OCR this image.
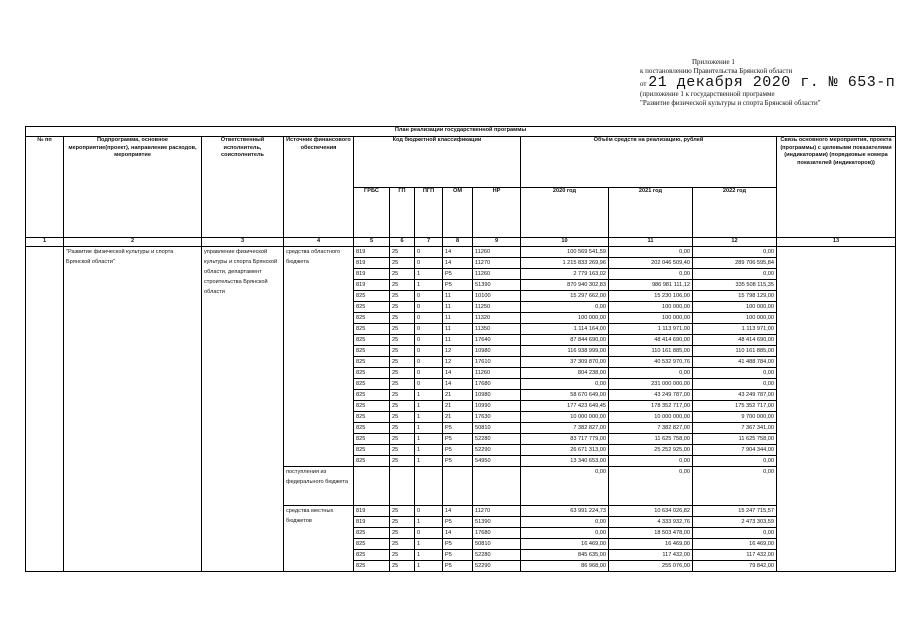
Приложение 1
к постановлению Правительства Брянской области
от 21 декабря 2020 г. № 653-п
(приложение 1 к государственной программе
"Развитие физической культуры и спорта Брянской области"
План реализации государственной программы												
№ пп	Подпрограмма, основное мероприятие(проект), направление расходов, мероприятие	Ответственный исполнитель, соисполнитель	Источник финансового обеспечения	Код бюджетной классификации					Объём средств на реализацию, рублей			Связь основного мероприятия, проекта (программы) с целевыми показателями (индикаторами) (порядковые номера показателей (индикаторов))
				ГРБС	ГП	ПГП	ОМ	НР	2020 год	2021 год	2022 год	
1	2	3	4	5	6	7	8	9	10	11	12	13
	"Развитие физической культуры и спорта Брянской области"	управление физической культуры и спорта Брянской области, департамент строительства Брянской области	средства областного бюджета	819	25	0	14	11260	100 569 541,59	0,00	0,00	
				819	25	0	14	11270	1 215 833 269,96	202 046 509,40	289 706 595,84	
				819	25	1	P5	11260	2 779 163,02	0,00	0,00	
				819	25	1	P5	51390	870 940 302,83	986 981 111,12	335 508 115,35	
				825	25	0	11	10100	15 297 662,00	15 230 106,00	15 798 129,00	
				825	25	0	11	11250	0,00	100 000,00	100 000,00	
				825	25	0	11	11320	100 000,00	100 000,00	100 000,00	
				825	25	0	11	11350	1 114 164,00	1 113 971,00	1 113 971,00	
				825	25	0	11	17640	87 844 690,00	48 414 690,00	48 414 690,00	
				825	25	0	12	10980	116 938 999,00	110 161 885,00	110 161 885,00	
				825	25	0	12	17610	37 309 870,00	40 532 970,76	41 488 784,00	
				825	25	0	14	11260	804 238,00	0,00	0,00	
				825	25	0	14	17680	0,00	231 000 000,00	0,00	
				825	25	1	21	10980	58 670 649,00	43 249 787,00	43 249 787,00	
				825	25	1	21	10990	177 423 649,45	178 352 717,00	175 352 717,00	
				825	25	1	21	17630	10 000 000,00	10 000 000,00	9 700 000,00	
				825	25	1	P5	50810	7 382 827,00	7 382 827,00	7 367 341,00	
				825	25	1	P5	52280	83 717 779,00	11 625 758,00	11 625 758,00	
				825	25	1	P5	52290	26 671 313,00	25 252 925,00	7 904 344,00	
				825	25	1	P5	54950	13 340 653,00	0,00	0,00	
			поступления из федерального бюджета						0,00	0,00	0,00	
			средства местных бюджетов	819	25	0	14	11270	63 991 224,73	10 634 026,82	15 247 715,57	
				819	25	1	P5	51390	0,00	4 333 932,76	2 473 303,59	
				825	25	0	14	17680	0,00	18 503 478,00	0,00	
				825	25	1	P5	50810	16 469,00	16 469,00	16 469,00	
				825	25	1	P5	52280	845 635,00	117 432,00	117 432,00	
				825	25	1	P5	52290	86 968,00	255 076,00	79 842,00	
